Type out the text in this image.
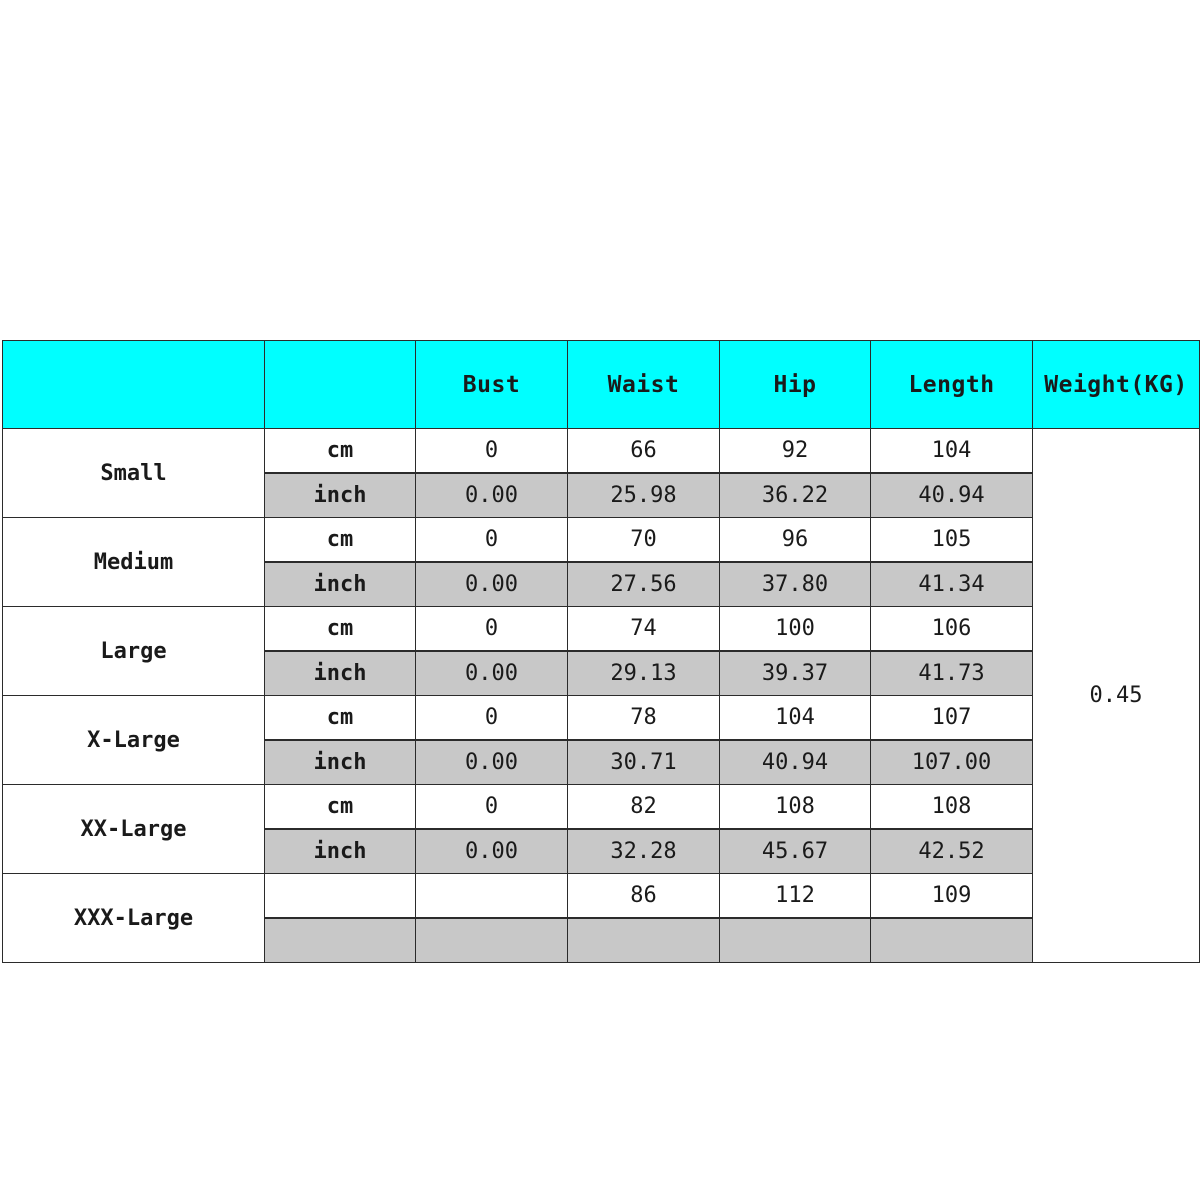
		Bust	Waist	Hip	Length	Weight(KG)
Small	cm	0	66	92	104	0.45
	inch	0.00	25.98	36.22	40.94	
Medium	cm	0	70	96	105	
	inch	0.00	27.56	37.80	41.34	
Large	cm	0	74	100	106	
	inch	0.00	29.13	39.37	41.73	
X-Large	cm	0	78	104	107	
	inch	0.00	30.71	40.94	107.00	
XX-Large	cm	0	82	108	108	
	inch	0.00	32.28	45.67	42.52	
XXX-Large			86	112	109	
